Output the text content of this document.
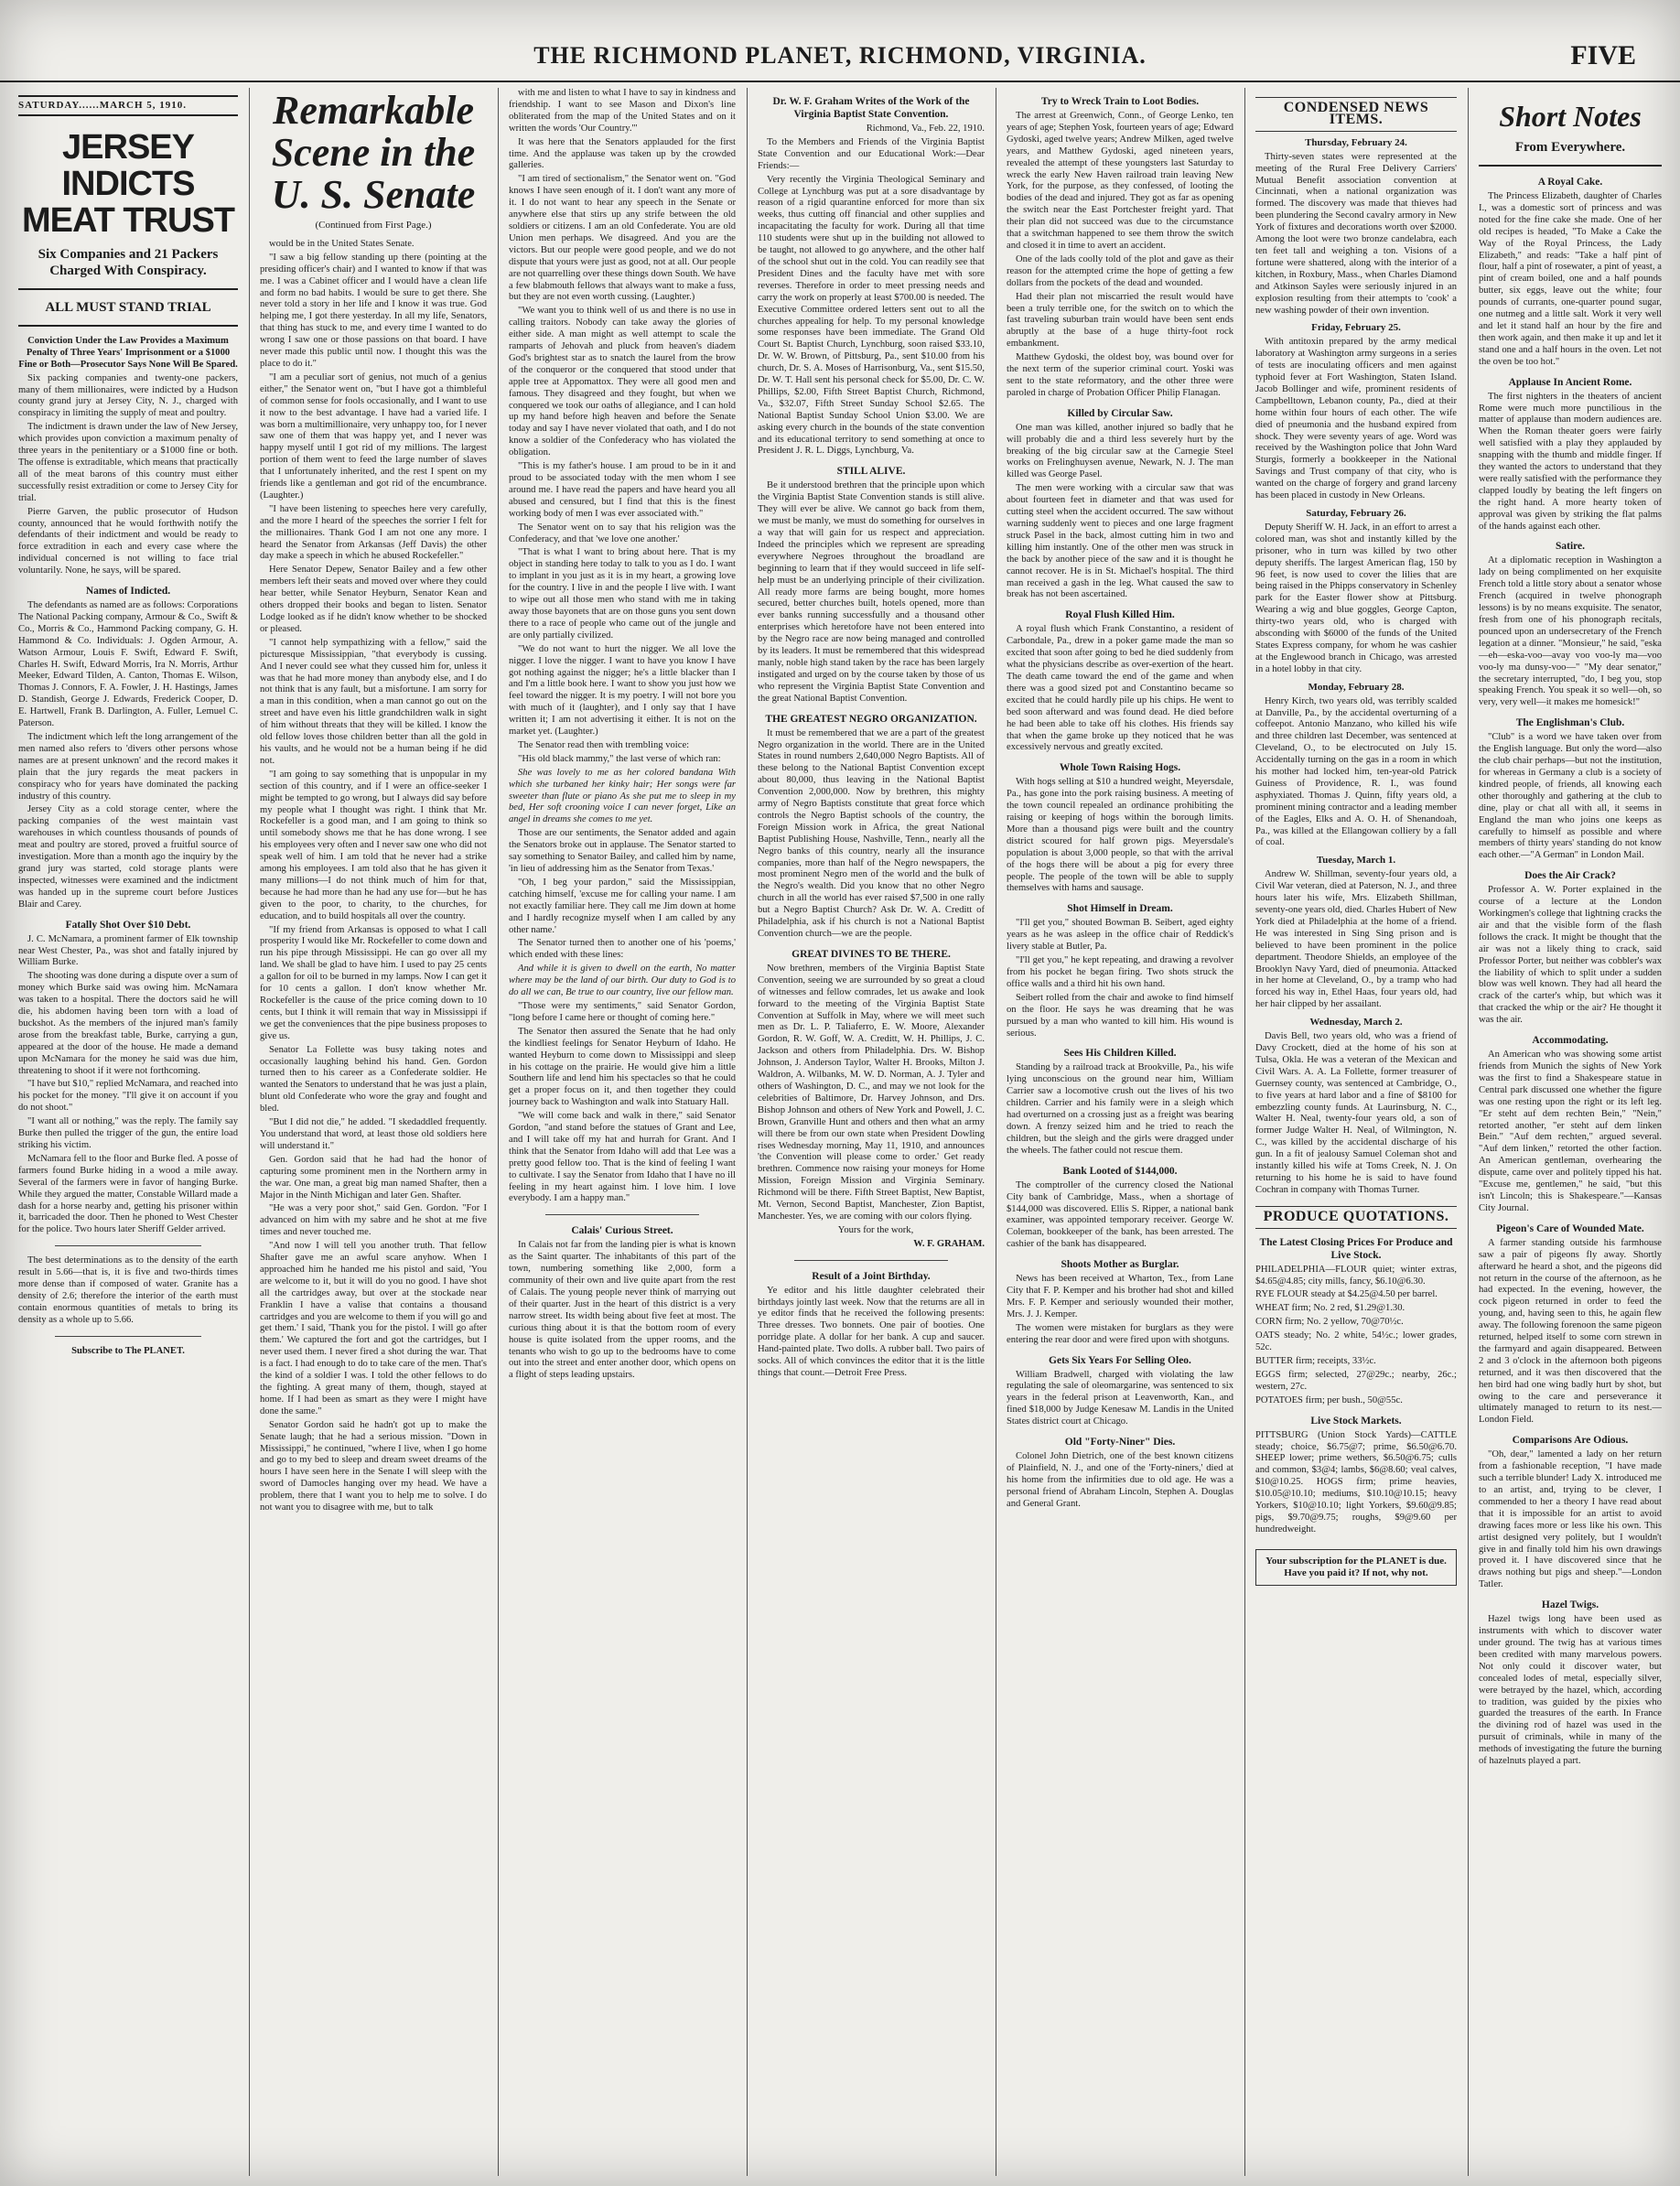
THE RICHMOND PLANET, RICHMOND, VIRGINIA.	FIVE
SATURDAY......MARCH 5, 1910.
JERSEY INDICTS MEAT TRUST
Six Companies and 21 Packers Charged With Conspiracy.
ALL MUST STAND TRIAL

Conviction Under the Law Provides a Maximum Penalty of Three Years' Imprisonment or a $1000 Fine or Both—Prosecutor Says None Will Be Spared.

Six packing companies and twenty-one packers, many of them millionaires, were indicted by a Hudson county grand jury at Jersey City, N. J., charged with conspiracy in limiting the supply of meat and poultry.

The indictment is drawn under the law of New Jersey, which provides upon conviction a maximum penalty of three years in the penitentiary or a $1000 fine or both. The offense is extraditable, which means that practically all of the meat barons of this country must either successfully resist extradition or come to Jersey City for trial.

Pierre Garven, the public prosecutor of Hudson county, announced that he would forthwith notify the defendants of their indictment and would be ready to force extradition in each and every case where the individual concerned is not willing to face trial voluntarily. None, he says, will be spared.

Names of Indicted.

The defendants as named are as follows: Corporations The National Packing company, Armour & Co., Swift & Co., Morris & Co., Hammond Packing company, G. H. Hammond & Co. Individuals: J. Ogden Armour, A. Watson Armour, Louis F. Swift, Edward F. Swift, Charles H. Swift, Edward Morris, Ira N. Morris, Arthur Meeker, Edward Tilden, A. Canton, Thomas E. Wilson, Thomas J. Connors, F. A. Fowler, J. H. Hastings, James D. Standish, George J. Edwards, Frederick Cooper, D. E. Hartwell, Frank B. Darlington, A. Fuller, Lemuel C. Paterson.

The indictment which left the long arrangement of the men named also refers to 'divers other persons whose names are at present unknown' and the record makes it plain that the jury regards the meat packers in conspiracy who for years have dominated the packing industry of this country.

Jersey City as a cold storage center, where the packing companies of the west maintain vast warehouses in which countless thousands of pounds of meat and poultry are stored, proved a fruitful source of investigation. More than a month ago the inquiry by the grand jury was started, cold storage plants were inspected, witnesses were examined and the indictment was handed up in the supreme court before Justices Blair and Carey.

Fatally Shot Over $10 Debt.

J. C. McNamara, a prominent farmer of Elk township near West Chester, Pa., was shot and fatally injured by William Burke.

The shooting was done during a dispute over a sum of money which Burke said was owing him. McNamara was taken to a hospital. There the doctors said he will die, his abdomen having been torn with a load of buckshot. As the members of the injured man's family arose from the breakfast table, Burke, carrying a gun, appeared at the door of the house. He made a demand upon McNamara for the money he said was due him, threatening to shoot if it were not forthcoming.

"I have but $10," replied McNamara, and reached into his pocket for the money. "I'll give it on account if you do not shoot."

"I want all or nothing," was the reply. The family say Burke then pulled the trigger of the gun, the entire load striking his victim.

McNamara fell to the floor and Burke fled. A posse of farmers found Burke hiding in a wood a mile away. Several of the farmers were in favor of hanging Burke. While they argued the matter, Constable Willard made a dash for a horse nearby and, getting his prisoner within it, barricaded the door. Then he phoned to West Chester for the police. Two hours later Sheriff Gelder arrived.

The best determinations as to the density of the earth result in 5.66—that is, it is five and two-thirds times more dense than if composed of water. Granite has a density of 2.6; therefore the interior of the earth must contain enormous quantities of metals to bring its density as a whole up to 5.66.

Subscribe to The PLANET.

Remarkable Scene in the U. S. Senate
(Continued from First Page.)

would be in the United States Senate.

"I saw a big fellow standing up there (pointing at the presiding officer's chair) and I wanted to know if that was me. I was a Cabinet officer and I would have a clean life and form no bad habits. I would be sure to get there. She never told a story in her life and I know it was true. God helping me, I got there yesterday. In all my life, Senators, that thing has stuck to me, and every time I wanted to do wrong I saw one or those passions on that board. I have never made this public until now. I thought this was the place to do it."

"I am a peculiar sort of genius, not much of a genius either," the Senator went on, "but I have got a thimbleful of common sense for fools occasionally, and I want to use it now to the best advantage. I have had a varied life. I was born a multimillionaire, very unhappy too, for I never saw one of them that was happy yet, and I never was happy myself until I got rid of my millions. The largest portion of them went to feed the large number of slaves that I unfortunately inherited, and the rest I spent on my friends like a gentleman and got rid of the encumbrance. (Laughter.)

"I have been listening to speeches here very carefully, and the more I heard of the speeches the sorrier I felt for the millionaires. Thank God I am not one any more. I heard the Senator from Arkansas (Jeff Davis) the other day make a speech in which he abused Rockefeller."

Here Senator Depew, Senator Bailey and a few other members left their seats and moved over where they could hear better, while Senator Heyburn, Senator Kean and others dropped their books and began to listen. Senator Lodge looked as if he didn't know whether to be shocked or pleased.

"I cannot help sympathizing with a fellow," said the picturesque Mississippian, "that everybody is cussing. And I never could see what they cussed him for, unless it was that he had more money than anybody else, and I do not think that is any fault, but a misfortune. I am sorry for a man in this condition, when a man cannot go out on the street and have even his little grandchildren walk in sight of him without threats that they will be killed. I know the old fellow loves those children better than all the gold in his vaults, and he would not be a human being if he did not.

"I am going to say something that is unpopular in my section of this country, and if I were an office-seeker I might be tempted to go wrong, but I always did say before my people what I thought was right. I think that Mr. Rockefeller is a good man, and I am going to think so until somebody shows me that he has done wrong. I see his employees very often and I never saw one who did not speak well of him. I am told that he never had a strike among his employees. I am told also that he has given it many millions—I do not think much of him for that, because he had more than he had any use for—but he has given to the poor, to charity, to the churches, for education, and to build hospitals all over the country.

"If my friend from Arkansas is opposed to what I call prosperity I would like Mr. Rockefeller to come down and run his pipe through Mississippi. He can go over all my land. We shall be glad to have him. I used to pay 25 cents a gallon for oil to be burned in my lamps. Now I can get it for 10 cents a gallon. I don't know whether Mr. Rockefeller is the cause of the price coming down to 10 cents, but I think it will remain that way in Mississippi if we get the conveniences that the pipe business proposes to give us.

Senator La Follette was busy taking notes and occasionally laughing behind his hand. Gen. Gordon turned then to his career as a Confederate soldier. He wanted the Senators to understand that he was just a plain, blunt old Confederate who wore the gray and fought and bled.

"But I did not die," he added. "I skedaddled frequently. You understand that word, at least those old soldiers here will understand it."

Gen. Gordon said that he had had the honor of capturing some prominent men in the Northern army in the war. One man, a great big man named Shafter, then a Major in the Ninth Michigan and later Gen. Shafter.

"He was a very poor shot," said Gen. Gordon. "For I advanced on him with my sabre and he shot at me five times and never touched me.

"And now I will tell you another truth. That fellow Shafter gave me an awful scare anyhow. When I approached him he handed me his pistol and said, 'You are welcome to it, but it will do you no good. I have shot all the cartridges away, but over at the stockade near Franklin I have a valise that contains a thousand cartridges and you are welcome to them if you will go and get them.' I said, 'Thank you for the pistol. I will go after them.' We captured the fort and got the cartridges, but I never used them. I never fired a shot during the war. That is a fact. I had enough to do to take care of the men. That's the kind of a soldier I was. I told the other fellows to do the fighting. A great many of them, though, stayed at home. If I had been as smart as they were I might have done the same."

Senator Gordon said he hadn't got up to make the Senate laugh; that he had a serious mission. "Down in Mississippi," he continued, "where I live, when I go home and go to my bed to sleep and dream sweet dreams of the hours I have seen here in the Senate I will sleep with the sword of Damocles hanging over my head. We have a problem, there that I want you to help me to solve. I do not want you to disagree with me, but to talk

with me and listen to what I have to say in kindness and friendship. I want to see Mason and Dixon's line obliterated from the map of the United States and on it written the words 'Our Country.'"

It was here that the Senators applauded for the first time. And the applause was taken up by the crowded galleries.

"I am tired of sectionalism," the Senator went on. "God knows I have seen enough of it. I don't want any more of it. I do not want to hear any speech in the Senate or anywhere else that stirs up any strife between the old soldiers or citizens. I am an old Confederate. You are old Union men perhaps. We disagreed. And you are the victors. But our people were good people, and we do not dispute that yours were just as good, not at all. Our people are not quarrelling over these things down South. We have a few blabmouth fellows that always want to make a fuss, but they are not even worth cussing. (Laughter.)

"We want you to think well of us and there is no use in calling traitors. Nobody can take away the glories of either side. A man might as well attempt to scale the ramparts of Jehovah and pluck from heaven's diadem God's brightest star as to snatch the laurel from the brow of the conqueror or the conquered that stood under that apple tree at Appomattox. They were all good men and famous. They disagreed and they fought, but when we conquered we took our oaths of allegiance, and I can hold up my hand before high heaven and before the Senate today and say I have never violated that oath, and I do not know a soldier of the Confederacy who has violated the obligation.

"This is my father's house. I am proud to be in it and proud to be associated today with the men whom I see around me. I have read the papers and have heard you all abused and censured, but I find that this is the finest working body of men I was ever associated with."

The Senator went on to say that his religion was the Confederacy, and that 'we love one another.'

"That is what I want to bring about here. That is my object in standing here today to talk to you as I do. I want to implant in you just as it is in my heart, a growing love for the country. I live in and the people I live with. I want to wipe out all those men who stand with me in taking away those bayonets that are on those guns you sent down there to a race of people who came out of the jungle and are only partially civilized.

"We do not want to hurt the nigger. We all love the nigger. I love the nigger. I want to have you know I have got nothing against the nigger; he's a little blacker than I and I'm a little book here. I want to show you just how we feel toward the nigger. It is my poetry. I will not bore you with much of it (laughter), and I only say that I have written it; I am not advertising it either. It is not on the market yet. (Laughter.)

The Senator read then with trembling voice:

"His old black mammy," the last verse of which ran:

She was lovely to me as her colored bandana With which she turbaned her kinky hair; Her songs were far sweeter than flute or piano As she put me to sleep in my bed, Her soft crooning voice I can never forget, Like an angel in dreams she comes to me yet.

Those are our sentiments, the Senator added and again the Senators broke out in applause. The Senator started to say something to Senator Bailey, and called him by name, 'in lieu of addressing him as the Senator from Texas.'

"Oh, I beg your pardon," said the Mississippian, catching himself, 'excuse me for calling your name. I am not exactly familiar here. They call me Jim down at home and I hardly recognize myself when I am called by any other name.'

The Senator turned then to another one of his 'poems,' which ended with these lines:

And while it is given to dwell on the earth, No matter where may be the land of our birth. Our duty to God is to do all we can, Be true to our country, live our fellow man.

"Those were my sentiments," said Senator Gordon, "long before I came here or thought of coming here."

The Senator then assured the Senate that he had only the kindliest feelings for Senator Heyburn of Idaho. He wanted Heyburn to come down to Mississippi and sleep in his cottage on the prairie. He would give him a little Southern life and lend him his spectacles so that he could get a proper focus on it, and then together they could journey back to Washington and walk into Statuary Hall.

"We will come back and walk in there," said Senator Gordon, "and stand before the statues of Grant and Lee, and I will take off my hat and hurrah for Grant. And I think that the Senator from Idaho will add that Lee was a pretty good fellow too. That is the kind of feeling I want to cultivate. I say the Senator from Idaho that I have no ill feeling in my heart against him. I love him. I love everybody. I am a happy man."

Calais' Curious Street.

In Calais not far from the landing pier is what is known as the Saint quarter. The inhabitants of this part of the town, numbering something like 2,000, form a community of their own and live quite apart from the rest of Calais. The young people never think of marrying out of their quarter. Just in the heart of this district is a very narrow street. Its width being about five feet at most. The curious thing about it is that the bottom room of every house is quite isolated from the upper rooms, and the tenants who wish to go up to the bedrooms have to come out into the street and enter another door, which opens on a flight of steps leading upstairs.

Dr. W. F. Graham Writes of the Work of the Virginia Baptist State Convention.

Richmond, Va., Feb. 22, 1910.

To the Members and Friends of the Virginia Baptist State Convention and our Educational Work:—Dear Friends:—

Very recently the Virginia Theological Seminary and College at Lynchburg was put at a sore disadvantage by reason of a rigid quarantine enforced for more than six weeks, thus cutting off financial and other supplies and incapacitating the faculty for work. During all that time 110 students were shut up in the building not allowed to be taught, not allowed to go anywhere, and the other half of the school shut out in the cold. You can readily see that President Dines and the faculty have met with sore reverses. Therefore in order to meet pressing needs and carry the work on properly at least $700.00 is needed. The Executive Committee ordered letters sent out to all the churches appealing for help. To my personal knowledge some responses have been immediate. The Grand Old Court St. Baptist Church, Lynchburg, soon raised $33.10, Dr. W. W. Brown, of Pittsburg, Pa., sent $10.00 from his church, Dr. S. A. Moses of Harrisonburg, Va., sent $15.50, Dr. W. T. Hall sent his personal check for $5.00, Dr. C. W. Phillips, $2.00, Fifth Street Baptist Church, Richmond, Va., $32.07, Fifth Street Sunday School $2.65. The National Baptist Sunday School Union $3.00. We are asking every church in the bounds of the state convention and its educational territory to send something at once to President J. R. L. Diggs, Lynchburg, Va.

STILL ALIVE.

Be it understood brethren that the principle upon which the Virginia Baptist State Convention stands is still alive. They will ever be alive. We cannot go back from them, we must be manly, we must do something for ourselves in a way that will gain for us respect and appreciation. Indeed the principles which we represent are spreading everywhere Negroes throughout the broadland are beginning to learn that if they would succeed in life self-help must be an underlying principle of their civilization. All ready more farms are being bought, more homes secured, better churches built, hotels opened, more than ever banks running successfully and a thousand other enterprises which heretofore have not been entered into by the Negro race are now being managed and controlled by its leaders. It must be remembered that this widespread manly, noble high stand taken by the race has been largely instigated and urged on by the course taken by those of us who represent the Virginia Baptist State Convention and the great National Baptist Convention.

THE GREATEST NEGRO ORGANIZATION.

It must be remembered that we are a part of the greatest Negro organization in the world. There are in the United States in round numbers 2,640,000 Negro Baptists. All of these belong to the National Baptist Convention except about 80,000, thus leaving in the National Baptist Convention 2,000,000. Now by brethren, this mighty army of Negro Baptists constitute that great force which controls the Negro Baptist schools of the country, the Foreign Mission work in Africa, the great National Baptist Publishing House, Nashville, Tenn., nearly all the Negro banks of this country, nearly all the insurance companies, more than half of the Negro newspapers, the most prominent Negro men of the world and the bulk of the Negro's wealth. Did you know that no other Negro church in all the world has ever raised $7,500 in one rally but a Negro Baptist Church? Ask Dr. W. A. Creditt of Philadelphia, ask if his church is not a National Baptist Convention church—we are the people.

GREAT DIVINES TO BE THERE.

Now brethren, members of the Virginia Baptist State Convention, seeing we are surrounded by so great a cloud of witnesses and fellow comrades, let us awake and look forward to the meeting of the Virginia Baptist State Convention at Suffolk in May, where we will meet such men as Dr. L. P. Taliaferro, E. W. Moore, Alexander Gordon, R. W. Goff, W. A. Creditt, W. H. Phillips, J. C. Jackson and others from Philadelphia. Drs. W. Bishop Johnson, J. Anderson Taylor, Walter H. Brooks, Milton J. Waldron, A. Wilbanks, M. W. D. Norman, A. J. Tyler and others of Washington, D. C., and may we not look for the celebrities of Baltimore, Dr. Harvey Johnson, and Drs. Bishop Johnson and others of New York and Powell, J. C. Brown, Granville Hunt and others and then what an army will there be from our own state when President Dowling rises Wednesday morning, May 11, 1910, and announces 'the Convention will please come to order.' Get ready brethren. Commence now raising your moneys for Home Mission, Foreign Mission and Virginia Seminary. Richmond will be there. Fifth Street Baptist, New Baptist, Mt. Vernon, Second Baptist, Manchester, Zion Baptist, Manchester. Yes, we are coming with our colors flying.

Yours for the work,

W. F. GRAHAM.

Result of a Joint Birthday.

Ye editor and his little daughter celebrated their birthdays jointly last week. Now that the returns are all in ye editor finds that he received the following presents: Three dresses. Two bonnets. One pair of booties. One porridge plate. A dollar for her bank. A cup and saucer. Hand-painted plate. Two dolls. A rubber ball. Two pairs of socks. All of which convinces the editor that it is the little things that count.—Detroit Free Press.

Try to Wreck Train to Loot Bodies.

The arrest at Greenwich, Conn., of George Lenko, ten years of age; Stephen Yosk, fourteen years of age; Edward Gydoski, aged twelve years; Andrew Milken, aged twelve years, and Matthew Gydoski, aged nineteen years, revealed the attempt of these youngsters last Saturday to wreck the early New Haven railroad train leaving New York, for the purpose, as they confessed, of looting the bodies of the dead and injured. They got as far as opening the switch near the East Portchester freight yard. That their plan did not succeed was due to the circumstance that a switchman happened to see them throw the switch and closed it in time to avert an accident.

One of the lads coolly told of the plot and gave as their reason for the attempted crime the hope of getting a few dollars from the pockets of the dead and wounded.

Had their plan not miscarried the result would have been a truly terrible one, for the switch on to which the fast traveling suburban train would have been sent ends abruptly at the base of a huge thirty-foot rock embankment.

Matthew Gydoski, the oldest boy, was bound over for the next term of the superior criminal court. Yoski was sent to the state reformatory, and the other three were paroled in charge of Probation Officer Philip Flanagan.

Killed by Circular Saw.

One man was killed, another injured so badly that he will probably die and a third less severely hurt by the breaking of the big circular saw at the Carnegie Steel works on Frelinghuysen avenue, Newark, N. J. The man killed was George Pasel.

The men were working with a circular saw that was about fourteen feet in diameter and that was used for cutting steel when the accident occurred. The saw without warning suddenly went to pieces and one large fragment struck Pasel in the back, almost cutting him in two and killing him instantly. One of the other men was struck in the back by another piece of the saw and it is thought he cannot recover. He is in St. Michael's hospital. The third man received a gash in the leg. What caused the saw to break has not been ascertained.

Royal Flush Killed Him.

A royal flush which Frank Constantino, a resident of Carbondale, Pa., drew in a poker game made the man so excited that soon after going to bed he died suddenly from what the physicians describe as over-exertion of the heart. The death came toward the end of the game and when there was a good sized pot and Constantino became so excited that he could hardly pile up his chips. He went to bed soon afterward and was found dead. He died before he had been able to take off his clothes. His friends say that when the game broke up they noticed that he was excessively nervous and greatly excited.

Whole Town Raising Hogs.

With hogs selling at $10 a hundred weight, Meyersdale, Pa., has gone into the pork raising business. A meeting of the town council repealed an ordinance prohibiting the raising or keeping of hogs within the borough limits. More than a thousand pigs were built and the country district scoured for half grown pigs. Meyersdale's population is about 3,000 people, so that with the arrival of the hogs there will be about a pig for every three people. The people of the town will be able to supply themselves with hams and sausage.

Shot Himself in Dream.

"I'll get you," shouted Bowman B. Seibert, aged eighty years as he was asleep in the office chair of Reddick's livery stable at Butler, Pa.

"I'll get you," he kept repeating, and drawing a revolver from his pocket he began firing. Two shots struck the office walls and a third hit his own hand.

Seibert rolled from the chair and awoke to find himself on the floor. He says he was dreaming that he was pursued by a man who wanted to kill him. His wound is serious.

Sees His Children Killed.

Standing by a railroad track at Brookville, Pa., his wife lying unconscious on the ground near him, William Carrier saw a locomotive crush out the lives of his two children. Carrier and his family were in a sleigh which had overturned on a crossing just as a freight was bearing down. A frenzy seized him and he tried to reach the children, but the sleigh and the girls were dragged under the wheels. The father could not rescue them.

Bank Looted of $144,000.

The comptroller of the currency closed the National City bank of Cambridge, Mass., when a shortage of $144,000 was discovered. Ellis S. Ripper, a national bank examiner, was appointed temporary receiver. George W. Coleman, bookkeeper of the bank, has been arrested. The cashier of the bank has disappeared.

Shoots Mother as Burglar.

News has been received at Wharton, Tex., from Lane City that F. P. Kemper and his brother had shot and killed Mrs. F. P. Kemper and seriously wounded their mother, Mrs. J. J. Kemper.

The women were mistaken for burglars as they were entering the rear door and were fired upon with shotguns.

Gets Six Years For Selling Oleo.

William Bradwell, charged with violating the law regulating the sale of oleomargarine, was sentenced to six years in the federal prison at Leavenworth, Kan., and fined $18,000 by Judge Kenesaw M. Landis in the United States district court at Chicago.

Old "Forty-Niner" Dies.

Colonel John Dietrich, one of the best known citizens of Plainfield, N. J., and one of the 'Forty-niners,' died at his home from the infirmities due to old age. He was a personal friend of Abraham Lincoln, Stephen A. Douglas and General Grant.

CONDENSED NEWS ITEMS.
Thursday, February 24.

Thirty-seven states were represented at the meeting of the Rural Free Delivery Carriers' Mutual Benefit association convention at Cincinnati, when a national organization was formed. The discovery was made that thieves had been plundering the Second cavalry armory in New York of fixtures and decorations worth over $2000. Among the loot were two bronze candelabra, each ten feet tall and weighing a ton. Visions of a fortune were shattered, along with the interior of a kitchen, in Roxbury, Mass., when Charles Diamond and Atkinson Sayles were seriously injured in an explosion resulting from their attempts to 'cook' a new washing powder of their own invention.

Friday, February 25.

With antitoxin prepared by the army medical laboratory at Washington army surgeons in a series of tests are inoculating officers and men against typhoid fever at Fort Washington, Staten Island. Jacob Bollinger and wife, prominent residents of Campbelltown, Lebanon county, Pa., died at their home within four hours of each other. The wife died of pneumonia and the husband expired from shock. They were seventy years of age. Word was received by the Washington police that John Ward Sturgis, formerly a bookkeeper in the National Savings and Trust company of that city, who is wanted on the charge of forgery and grand larceny has been placed in custody in New Orleans.

Saturday, February 26.

Deputy Sheriff W. H. Jack, in an effort to arrest a colored man, was shot and instantly killed by the prisoner, who in turn was killed by two other deputy sheriffs. The largest American flag, 150 by 96 feet, is now used to cover the lilies that are being raised in the Phipps conservatory in Schenley park for the Easter flower show at Pittsburg. Wearing a wig and blue goggles, George Capton, thirty-two years old, who is charged with absconding with $6000 of the funds of the United States Express company, for whom he was cashier at the Englewood branch in Chicago, was arrested in a hotel lobby in that city.

Monday, February 28.

Henry Kirch, two years old, was terribly scalded at Danville, Pa., by the accidental overturning of a coffeepot. Antonio Manzano, who killed his wife and three children last December, was sentenced at Cleveland, O., to be electrocuted on July 15. Accidentally turning on the gas in a room in which his mother had locked him, ten-year-old Patrick Guiness of Providence, R. I., was found asphyxiated. Thomas J. Quinn, fifty years old, a prominent mining contractor and a leading member of the Eagles, Elks and A. O. H. of Shenandoah, Pa., was killed at the Ellangowan colliery by a fall of coal.

Tuesday, March 1.

Andrew W. Shillman, seventy-four years old, a Civil War veteran, died at Paterson, N. J., and three hours later his wife, Mrs. Elizabeth Shillman, seventy-one years old, died. Charles Hubert of New York died at Philadelphia at the home of a friend. He was interested in Sing Sing prison and is believed to have been prominent in the police department. Theodore Shields, an employee of the Brooklyn Navy Yard, died of pneumonia. Attacked in her home at Cleveland, O., by a tramp who had forced his way in, Ethel Haas, four years old, had her hair clipped by her assailant.

Wednesday, March 2.

Davis Bell, two years old, who was a friend of Davy Crockett, died at the home of his son at Tulsa, Okla. He was a veteran of the Mexican and Civil Wars. A. A. La Follette, former treasurer of Guernsey county, was sentenced at Cambridge, O., to five years at hard labor and a fine of $8100 for embezzling county funds. At Laurinsburg, N. C., Walter H. Neal, twenty-four years old, a son of former Judge Walter H. Neal, of Wilmington, N. C., was killed by the accidental discharge of his gun. In a fit of jealousy Samuel Coleman shot and instantly killed his wife at Toms Creek, N. J. On returning to his home he is said to have found Cochran in company with Thomas Turner.

PRODUCE QUOTATIONS.
The Latest Closing Prices For Produce and Live Stock.

PHILADELPHIA—FLOUR quiet; winter extras, $4.65@4.85; city mills, fancy, $6.10@6.30.

RYE FLOUR steady at $4.25@4.50 per barrel.

WHEAT firm; No. 2 red, $1.29@1.30.

CORN firm; No. 2 yellow, 70@70½c.

OATS steady; No. 2 white, 54½c.; lower grades, 52c.

BUTTER firm; receipts, 33½c.

EGGS firm; selected, 27@29c.; nearby, 26c.; western, 27c.

POTATOES firm; per bush., 50@55c.

Live Stock Markets.

PITTSBURG (Union Stock Yards)—CATTLE steady; choice, $6.75@7; prime, $6.50@6.70. SHEEP lower; prime wethers, $6.50@6.75; culls and common, $3@4; lambs, $6@8.60; veal calves, $10@10.25. HOGS firm; prime heavies, $10.05@10.10; mediums, $10.10@10.15; heavy Yorkers, $10@10.10; light Yorkers, $9.60@9.85; pigs, $9.70@9.75; roughs, $9@9.60 per hundredweight.

Your subscription for the PLANET is due. Have you paid it? If not, why not.
Short Notes
From Everywhere.
A Royal Cake.

The Princess Elizabeth, daughter of Charles I., was a domestic sort of princess and was noted for the fine cake she made. One of her old recipes is headed, "To Make a Cake the Way of the Royal Princess, the Lady Elizabeth," and reads: "Take a half pint of flour, half a pint of rosewater, a pint of yeast, a pint of cream boiled, one and a half pounds butter, six eggs, leave out the white; four pounds of currants, one-quarter pound sugar, one nutmeg and a little salt. Work it very well and let it stand half an hour by the fire and then work again, and then make it up and let it stand one and a half hours in the oven. Let not the oven be too hot."

Applause In Ancient Rome.

The first nighters in the theaters of ancient Rome were much more punctilious in the matter of applause than modern audiences are. When the Roman theater goers were fairly well satisfied with a play they applauded by snapping with the thumb and middle finger. If they wanted the actors to understand that they were really satisfied with the performance they clapped loudly by beating the left fingers on the right hand. A more hearty token of approval was given by striking the flat palms of the hands against each other.

Satire.

At a diplomatic reception in Washington a lady on being complimented on her exquisite French told a little story about a senator whose French (acquired in twelve phonograph lessons) is by no means exquisite. The senator, fresh from one of his phonograph recitals, pounced upon an undersecretary of the French legation at a dinner. "Monsieur," he said, "eska—eh—eska-voo—avay voo voo-ly ma—voo voo-ly ma dunsy-voo—" "My dear senator," the secretary interrupted, "do, I beg you, stop speaking French. You speak it so well—oh, so very, very well—it makes me homesick!"

The Englishman's Club.

"Club" is a word we have taken over from the English language. But only the word—also the club chair perhaps—but not the institution, for whereas in Germany a club is a society of kindred people, of friends, all knowing each other thoroughly and gathering at the club to dine, play or chat all with all, it seems in England the man who joins one keeps as carefully to himself as possible and where members of thirty years' standing do not know each other.—"A German" in London Mail.

Does the Air Crack?

Professor A. W. Porter explained in the course of a lecture at the London Workingmen's college that lightning cracks the air and that the visible form of the flash follows the crack. It might be thought that the air was not a likely thing to crack, said Professor Porter, but neither was cobbler's wax the liability of which to split under a sudden blow was well known. They had all heard the crack of the carter's whip, but which was it that cracked the whip or the air? He thought it was the air.

Accommodating.

An American who was showing some artist friends from Munich the sights of New York was the first to find a Shakespeare statue in Central park discussed one whether the figure was one resting upon the right or its left leg. "Er steht auf dem rechten Bein," "Nein," retorted another, "er steht auf dem linken Bein." "Auf dem rechten," argued several. "Auf dem linken," retorted the other faction. An American gentleman, overhearing the dispute, came over and politely tipped his hat. "Excuse me, gentlemen," he said, "but this isn't Lincoln; this is Shakespeare."—Kansas City Journal.

Pigeon's Care of Wounded Mate.

A farmer standing outside his farmhouse saw a pair of pigeons fly away. Shortly afterward he heard a shot, and the pigeons did not return in the course of the afternoon, as he had expected. In the evening, however, the cock pigeon returned in order to feed the young, and, having seen to this, he again flew away. The following forenoon the same pigeon returned, helped itself to some corn strewn in the farmyard and again disappeared. Between 2 and 3 o'clock in the afternoon both pigeons returned, and it was then discovered that the hen bird had one wing badly hurt by shot, but owing to the care and perseverance it ultimately managed to return to its nest.—London Field.

Comparisons Are Odious.

"Oh, dear," lamented a lady on her return from a fashionable reception, "I have made such a terrible blunder! Lady X. introduced me to an artist, and, trying to be clever, I commended to her a theory I have read about that it is impossible for an artist to avoid drawing faces more or less like his own. This artist designed very politely, but I wouldn't give in and finally told him his own drawings proved it. I have discovered since that he draws nothing but pigs and sheep."—London Tatler.

Hazel Twigs.

Hazel twigs long have been used as instruments with which to discover water under ground. The twig has at various times been credited with many marvelous powers. Not only could it discover water, but concealed lodes of metal, especially silver, were betrayed by the hazel, which, according to tradition, was guided by the pixies who guarded the treasures of the earth. In France the divining rod of hazel was used in the pursuit of criminals, while in many of the methods of investigating the future the burning of hazelnuts played a part.
